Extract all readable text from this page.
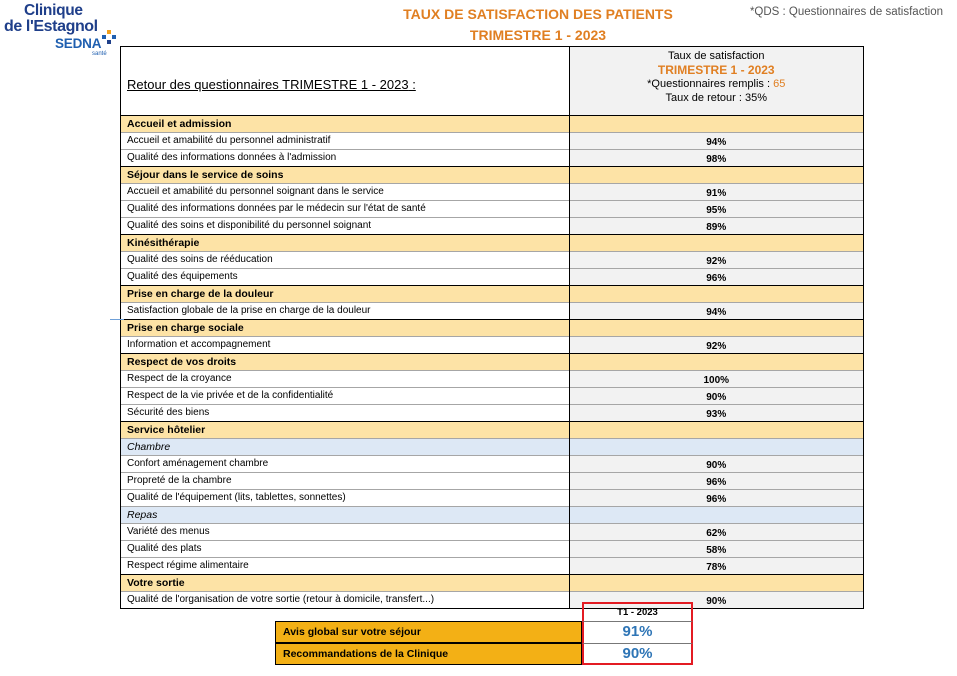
Clinique
de l'Estagnol
SEDNA
santé
TAUX DE SATISFACTION DES PATIENTS
TRIMESTRE 1 - 2023
*QDS : Questionnaires de satisfaction
Retour des questionnaires TRIMESTRE 1 - 2023 :	Taux de satisfaction
TRIMESTRE 1 - 2023
*Questionnaires remplis : 65
Taux de retour : 35%

Accueil et admission	
Accueil et amabilité du personnel administratif	94%
Qualité des informations données à l'admission	98%
Séjour dans le service de soins	
Accueil et amabilité du personnel soignant dans le service	91%
Qualité des informations données par le médecin sur l'état de santé	95%
Qualité des soins et disponibilité du personnel soignant	89%
Kinésithérapie	
Qualité des soins de rééducation	92%
Qualité des équipements	96%
Prise en charge de la douleur	
Satisfaction globale de la prise en charge de la douleur	94%
Prise en charge sociale	
Information et accompagnement	92%
Respect de vos droits	
Respect de la croyance	100%
Respect de la vie privée et de la confidentialité	90%
Sécurité des biens	93%
Service hôtelier	
Chambre	
Confort aménagement chambre	90%
Propreté de la chambre	96%
Qualité de l'équipement (lits, tablettes, sonnettes)	96%
Repas	
Variété des menus	62%
Qualité des plats	58%
Respect régime alimentaire	78%
Votre sortie	
Qualité de l'organisation de votre sortie (retour à domicile, transfert...)	90%
T1 - 2023
Avis global sur votre séjour	91%
Recommandations de la Clinique	90%
